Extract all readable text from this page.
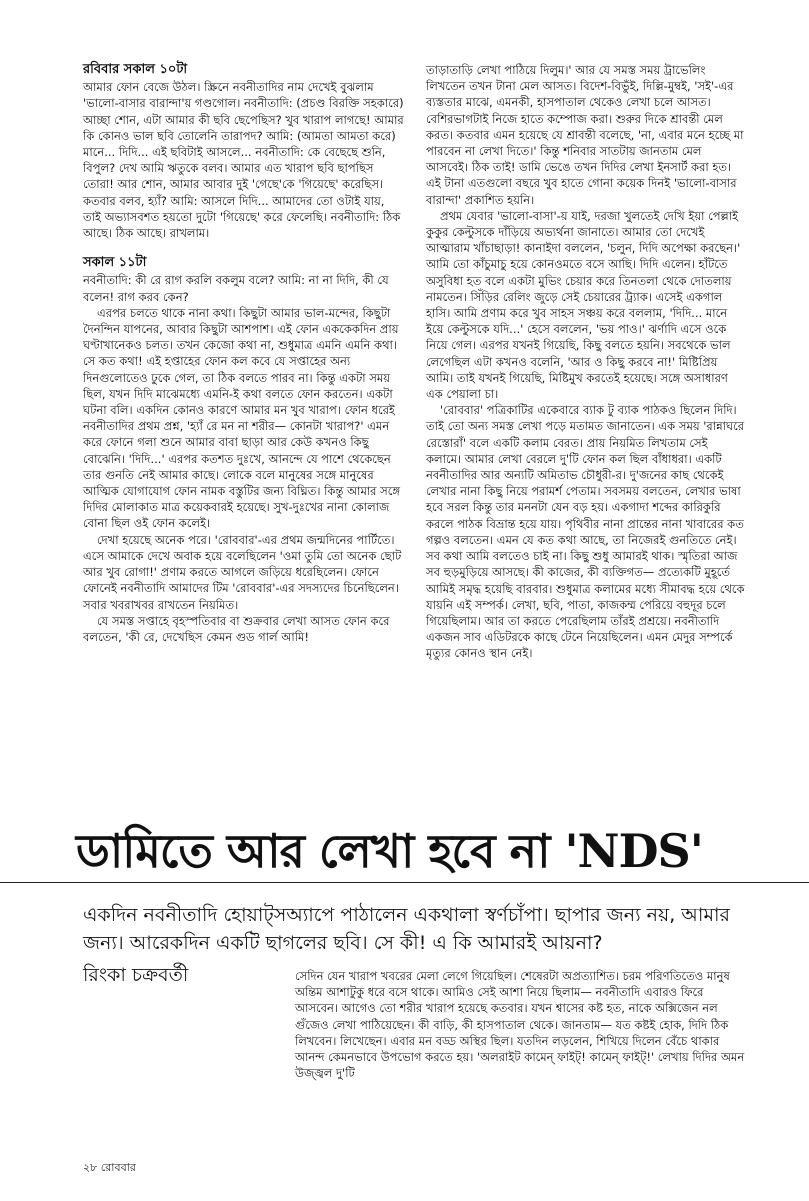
রবিবার সকাল ১০টা

আমার ফোন বেজে উঠল। স্ক্রিনে নবনীতাদির নাম দেখেই বুঝলাম 'ভালো-বাসার বারান্দা'য় গণ্ডগোল। নবনীতাদি: (প্রচণ্ড বিরক্তি সহকারে) আচ্ছা শোন, এটা আমার কী ছবি ছেপেছিস? খুব খারাপ লাগছে! আমার কি কোনও ভাল ছবি তোলেনি তারাপদ? আমি: (আমতা আমতা করে) মানে... দিদি... এই ছবিটাই আসলে... নবনীতাদি: কে বেছেছে শুনি, বিপুল? দেখ আমি ঋতুকে বলব। আমার এত খারাপ ছবি ছাপছিস তোরা! আর শোন, আমার আবার দুই 'গেছে'কে 'গিয়েছে' করেছিস। কতবার বলব, হ্যাঁ? আমি: আসলে দিদি... আমাদের তো ওটাই যায়, তাই অভ্যাসবশত হয়তো দুটো 'গিয়েছে' করে ফেলেছি। নবনীতাদি: ঠিক আছে। ঠিক আছে। রাখলাম।

সকাল ১১টা

নবনীতাদি: কী রে রাগ করলি বকলুম বলে? আমি: না না দিদি, কী যে বলেন! রাগ করব কেন?

এরপর চলতে থাকে নানা কথা। কিছুটা আমার ভাল-মন্দের, কিছুটা দৈনন্দিন যাপনের, আবার কিছুটা আশপাশ। এই ফোন এককেকদিন প্রায় ঘণ্টাখানেকও চলত। তখন কেজো কথা না, শুধুমাত্র এমনি এমনি কথা। সে কত কথা! এই হপ্তাহের ফোন কল কবে যে সপ্তাহের অন্য দিনগুলোতেও ঢুকে গেল, তা ঠিক বলতে পারব না। কিন্তু একটা সময় ছিল, যখন দিদি মাঝেমধ্যে এমনি-ই কথা বলতে ফোন করতেন। একটা ঘটনা বলি। একদিন কোনও কারণে আমার মন খুব খারাপ। ফোন ধরেই নবনীতাদির প্রথম প্রশ্ন, 'হ্যাঁ রে মন না শরীর— কোনটা খারাপ?' এমন করে ফোনে গলা শুনে আমার বাবা ছাড়া আর কেউ কখনও কিছু বোঝেনি। 'দিদি...' এরপর কতশত দুঃখে, আনন্দে যে পাশে থেকেছেন তার গুনতি নেই আমার কাছে। লোকে বলে মানুষের সঙ্গে মানুষের আত্মিক যোগাযোগ ফোন নামক বস্তুটির জন্য বিঘ্নিত। কিন্তু আমার সঙ্গে দিদির মোলাকাত মাত্র কয়েকবারই হয়েছে। সুখ-দুঃখের নানা কোলাজ বোনা ছিল ওই ফোন কলেই।

দেখা হয়েছে অনেক পরে। 'রোববার'-এর প্রথম জন্মদিনের পার্টিতে। এসে আমাকে দেখে অবাক হয়ে বলেছিলেন 'ওমা তুমি তো অনেক ছোট আর খুব রোগা!' প্রণাম করতে আগলে জড়িয়ে ধরেছিলেন। ফোনে ফোনেই নবনীতাদি আমাদের টিম 'রোববার'-এর সদস্যদের চিনেছিলেন। সবার খবরাখবর রাখতেন নিয়মিত।

যে সমস্ত সপ্তাহে বৃহস্পতিবার বা শুক্রবার লেখা আসত ফোন করে বলতেন, 'কী রে, দেখেছিস কেমন গুড গার্ল আমি!

তাড়াতাড়ি লেখা পাঠিয়ে দিলুম।' আর যে সমস্ত সময় ট্রাভেলিং লিখতেন তখন টানা মেল আসত। বিদেশ-বিভুঁই, দিল্লি-মুম্বই, 'সই'-এর ব্যস্ততার মাঝে, এমনকী, হাসপাতাল থেকেও লেখা চলে আসত। বেশিরভাগটাই নিজে হাতে কম্পোজ করা। শুরুর দিকে শ্রাবন্তী মেল করত। কতবার এমন হয়েছে যে শ্রাবন্তী বলেছে, 'না, এবার মনে হচ্ছে মা পারবেন না লেখা দিতে।' কিন্তু শনিবার সাতটায় জানতাম মেল আসবেই। ঠিক তাই! ডামি ভেঙে তখন দিদির লেখা ইনসার্ট করা হত। এই টানা এতগুলো বছরে খুব হাতে গোনা কয়েক দিনই 'ভালো-বাসার বারান্দা' প্রকাশিত হয়নি।

প্রথম যেবার 'ভালো-বাসা'-য় যাই, দরজা খুলতেই দেখি ইয়া পেল্লাই কুকুর কেল্টুসকে দাঁড়িয়ে অভ্যর্থনা জানাতে। আমার তো দেখেই আত্মারাম খাঁচাছাড়া! কানাইদা বললেন, 'চলুন, দিদি অপেক্ষা করছেন।' আমি তো কাঁচুমাচু হয়ে কোনওমতে বসে আছি। দিদি এলেন। হাঁটতে অসুবিধা হত বলে একটা মুভিং চেয়ার করে তিনতলা থেকে দোতলায় নামতেন। সিঁড়ির রেলিং জুড়ে সেই চেয়ারের ট্র্যাক। এসেই একগাল হাসি। আমি প্রণাম করে খুব সাহস সঞ্চয় করে বললাম, 'দিদি... মানে ইয়ে কেল্টুসকে যদি...' হেসে বললেন, 'ভয় পাও।' ঝর্ণাদি এসে ওকে নিয়ে গেল। এরপর যখনই গিয়েছি, কিছু বলতে হয়নি। সবথেকে ভাল লেগেছিল এটা কখনও বলেনি, 'আর ও কিছু করবে না!' মিষ্টিপ্রিয় আমি। তাই যখনই গিয়েছি, মিষ্টিমুখ করতেই হয়েছে। সঙ্গে অসাধারণ এক পেয়ালা চা।

'রোববার' পত্রিকাটির একেবারে ব্যাক টু ব্যাক পাঠকও ছিলেন দিদি। তাই তো অন্য সমস্ত লেখা পড়ে মতামত জানাতেন। এক সময় 'রান্নাঘরে রেস্তোরাঁ' বলে একটি কলাম বেরত। প্রায় নিয়মিত লিখতাম সেই কলামে। আমার লেখা বেরলে দু'টি ফোন কল ছিল বাঁধাধরা। একটি নবনীতাদির আর অন্যটি অমিতাভ চৌধুরী-র। দু'জনের কাছ থেকেই লেখার নানা কিছু নিয়ে পরামর্শ পেতাম। সবসময় বলতেন, লেখার ভাষা হবে সরল কিন্তু তার মননটা যেন বড় হয়। একগাদা শব্দের কারিকুরি করলে পাঠক বিভ্রান্ত হয়ে যায়। পৃথিবীর নানা প্রান্তের নানা খাবারের কত গল্পও বলতেন। এমন যে কত কথা আছে, তা নিজেরই গুনতিতে নেই। সব কথা আমি বলতেও চাই না। কিছু শুধু আমারই থাক। স্মৃতিরা আজ সব হুড়মুড়িয়ে আসছে। কী কাজের, কী ব্যক্তিগত— প্রত্যেকটি মুহূর্তে আমিই সমৃদ্ধ হয়েছি বারবার। শুধুমাত্র কলামের মধ্যে সীমাবদ্ধ হয়ে থেকে যায়নি এই সম্পর্ক। লেখা, ছবি, পাতা, কাজকম্ম পেরিয়ে বহুদূর চলে গিয়েছিলাম। আর তা করতে পেরেছিলাম তাঁরই প্রশ্রয়ে। নবনীতাদি একজন সাব এডিটরকে কাছে টেনে নিয়েছিলেন। এমন মেদুর সম্পর্কে মৃত্যুর কোনও স্থান নেই।

ডামিতে আর লেখা হবে না 'NDS'
একদিন নবনীতাদি হোয়াট্‌সঅ্যাপে পাঠালেন একথালা স্বর্ণচাঁপা। ছাপার জন্য নয়, আমার জন্য। আরেকদিন একটি ছাগলের ছবি। সে কী! এ কি আমারই আয়না?
রিংকা চক্রবর্তী	সেদিন যেন খারাপ খবরের মেলা লেগে গিয়েছিল। শেষেরটা অপ্রত্যাশিত। চরম পরিণতিতেও মানুষ অন্তিম আশাটুকু ধরে বসে থাকে। আমিও সেই আশা নিয়ে ছিলাম— নবনীতাদি এবারও ফিরে আসবেন। আগেও তো শরীর খারাপ হয়েছে কতবার। যখন শ্বাসের কষ্ট হত, নাকে অক্সিজেন নল গুঁজেও লেখা পাঠিয়েছেন। কী বাড়ি, কী হাসপাতাল থেকে। জানতাম— যত কষ্টই হোক, দিদি ঠিক লিখবেন। লিখেছেন। এবার মন বড্ড অস্থির ছিল। যতদিন লড়লেন, শিখিয়ে দিলেন বেঁচে থাকার আনন্দ কেমনভাবে উপভোগ করতে হয়। 'অলরাইট কামেন্ ফাইট্! কামেন্ ফাইট্!' লেখায় দিদির অমন উজ্জ্বল দু'টি

২৮ রোববার
